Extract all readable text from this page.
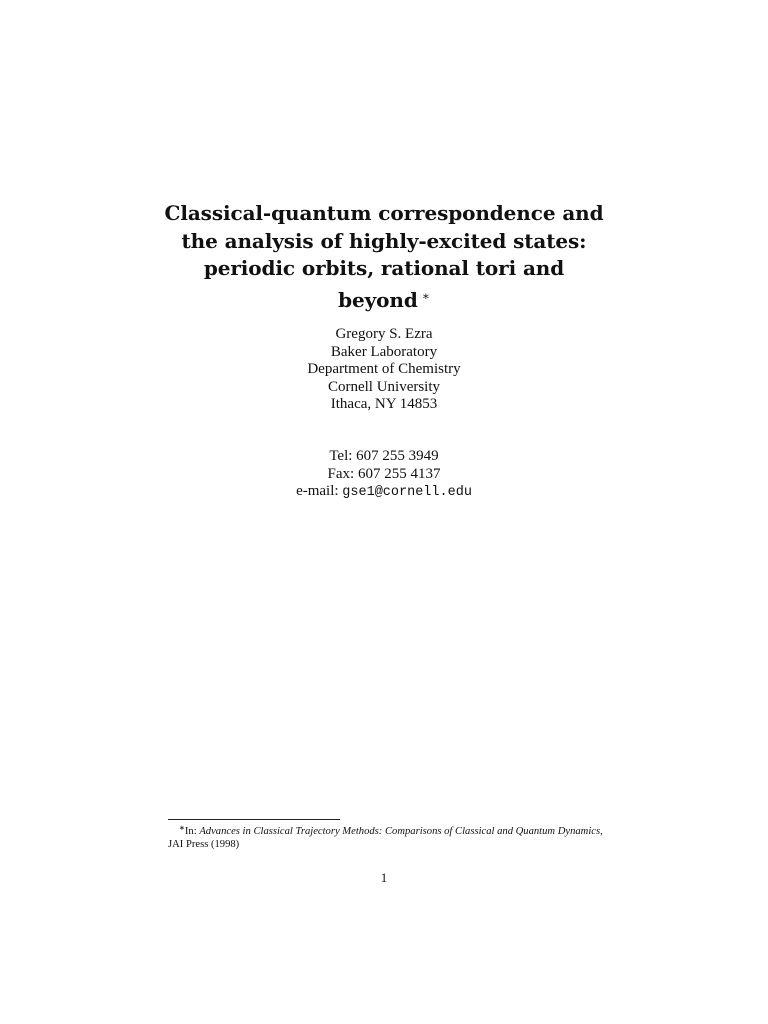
Classical-quantum correspondence and
the analysis of highly-excited states:
periodic orbits, rational tori and
beyond ∗
Gregory S. Ezra
Baker Laboratory
Department of Chemistry
Cornell University
Ithaca, NY 14853
Tel: 607 255 3949
Fax: 607 255 4137
e-mail: gse1@cornell.edu
∗In: Advances in Classical Trajectory Methods: Comparisons of Classical and Quantum Dynamics, JAI Press (1998)
1
